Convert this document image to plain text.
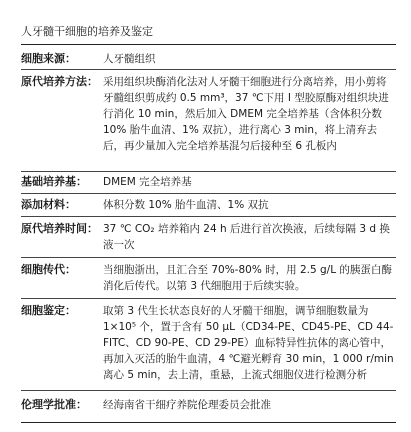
人牙髓干细胞的培养及鉴定
细胞来源：	人牙髓组织
原代培养方法： 采用组织块酶消化法对人牙髓干细胞进行分离培养，用小剪将牙髓组织剪成约 0.5 mm³，37 ℃下用 I 型胶原酶对组织块进行消化 10 min，然后加入 DMEM 完全培养基（含体积分数 10% 胎牛血清、1% 双抗），进行离心 3 min，将上清弃去后，再少量加入完全培养基混匀后接种至 6 孔板内
基础培养基：	DMEM 完全培养基
添加材料：	体积分数 10% 胎牛血清、1% 双抗
原代培养时间： 37 ℃ CO₂ 培养箱内 24 h 后进行首次换液，后续每隔 3 d 换液一次
细胞传代：	当细胞浙出，且汇合至 70%-80% 时，用 2.5 g/L 的胰蛋白酶消化后传代。以第 3 代细胞用于后续实验。
细胞鉴定：	取第 3 代生长状态良好的人牙髓干细胞，调节细胞数量为 1×10⁵ 个，置于含有 50 μL（CD34-PE、CD45-PE、CD 44-FITC、CD 90-PE、CD 29-PE）血标特异性抗体的离心管中，再加入灭活的胎牛血清，4 ℃避光孵育 30 min，1 000 r/min 离心 5 min，去上清，重悬，上流式细胞仪进行检测分析
伦理学批准：	经海南省干细疗养院伦理委员会批准
